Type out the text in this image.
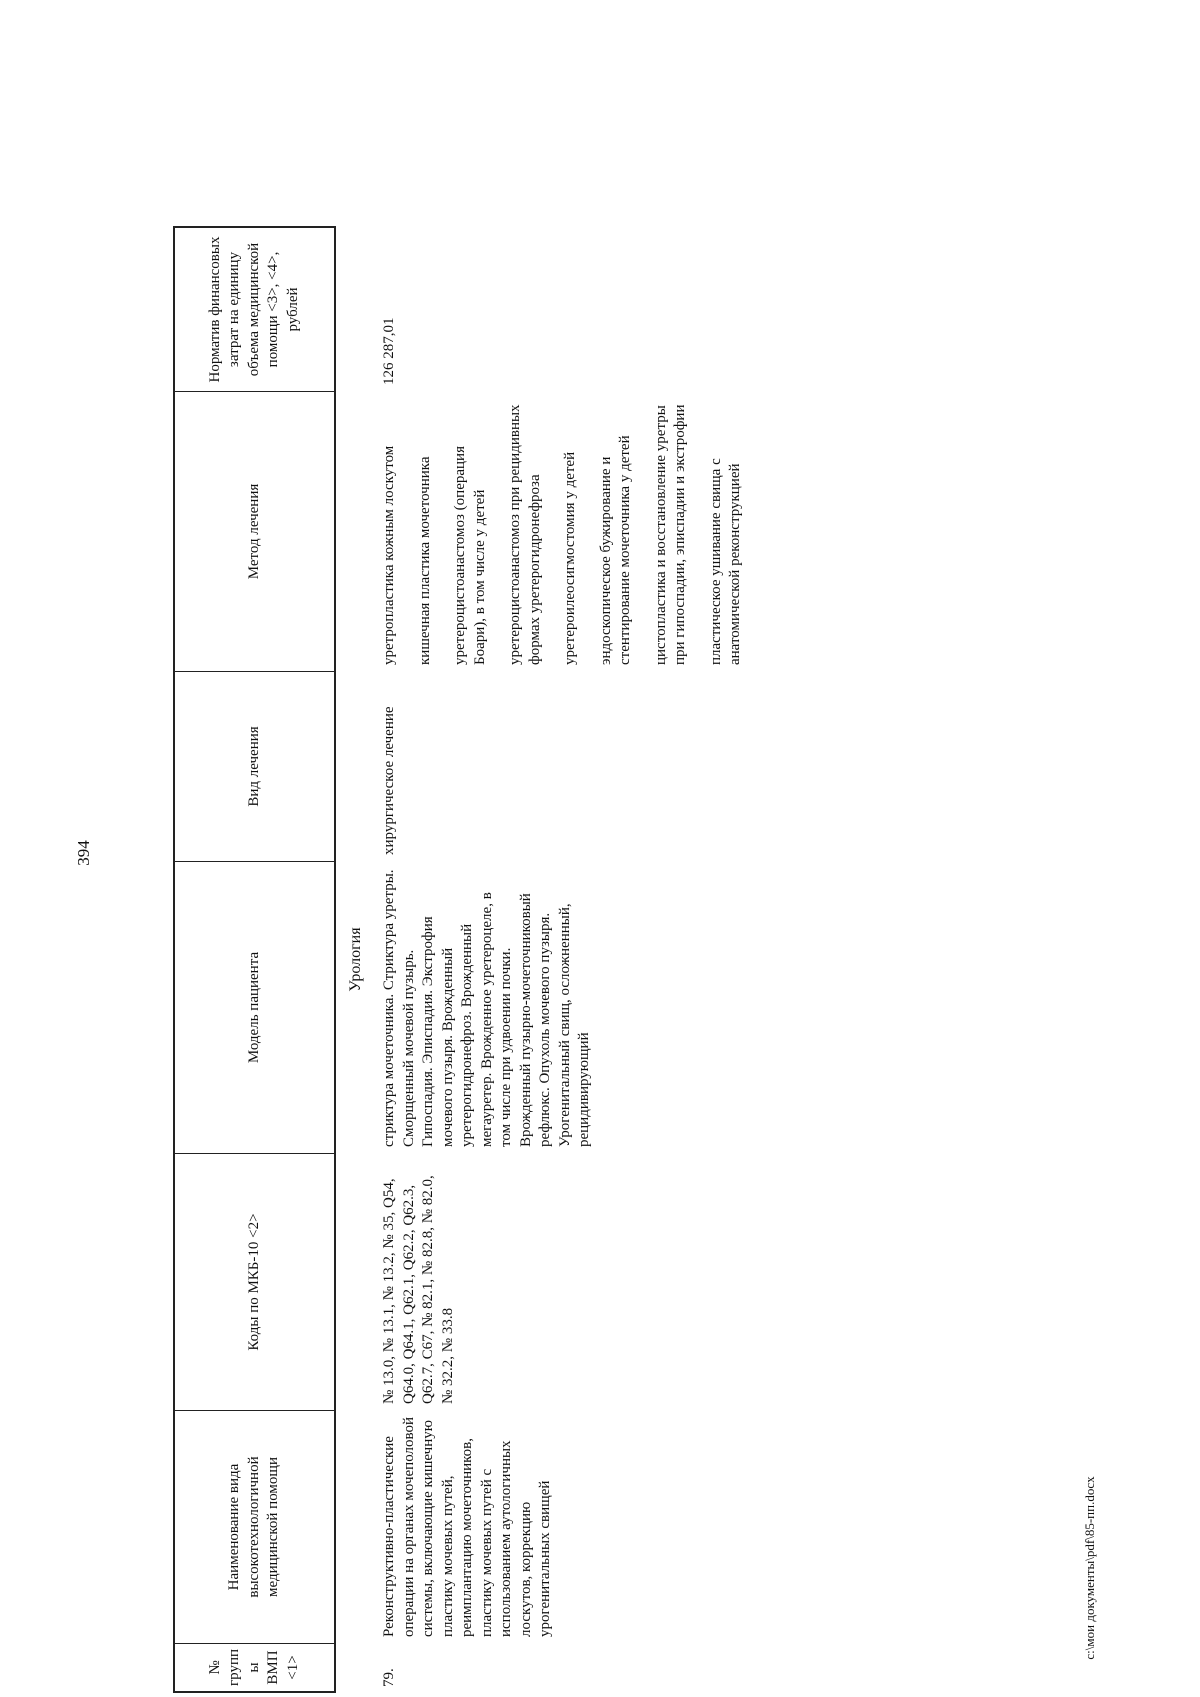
394
№ групп ы ВМП <1>
Наименование вида высокотехнологичной медицинской помощи
Коды по МКБ-10 <2>
Модель пациента
Вид лечения
Метод лечения
Норматив финансовых затрат на единицу объема медицинской помощи <3>, <4>, рублей
Урология
79.
Реконструктивно-пластические операции на органах мочеполовой системы, включающие кишечную пластику мочевых путей, реимплантацию мочеточников, пластику мочевых путей с использованием аутологичных лоскутов, коррекцию урогенитальных свищей
№ 13.0, № 13.1, № 13.2, № 35, Q54, Q64.0, Q64.1, Q62.1, Q62.2, Q62.3, Q62.7, C67, № 82.1, № 82.8, № 82.0, № 32.2, № 33.8
стриктура мочеточника. Стриктура уретры. Сморщенный мочевой пузырь. Гипоспадия. Эписпадия. Экстрофия мочевого пузыря. Врожденный уретерогидронефроз. Врожденный мегауретер. Врожденное уретероцеле, в том числе при удвоении почки. Врожденный пузырно-мочеточниковый рефлюкс. Опухоль мочевого пузыря. Урогенитальный свищ, осложненный, рецидивирующий
хирургическое лечение
уретропластика кожным лоскутом кишечная пластика мочеточника уретероцистоанастомоз (операция Боари), в том числе у детей уретероцистоанастомоз при рецидивных формах уретерогидронефроза уретероилеосигмостомия у детей эндоскопическое бужирование и стентирование мочеточника у детей цистопластика и восстановление уретры при гипоспадии, эписпадии и экстрофии пластическое ушивание свища с анатомической реконструкцией
126 287,01
c:\мои документы\pdf\85-пп.docx
